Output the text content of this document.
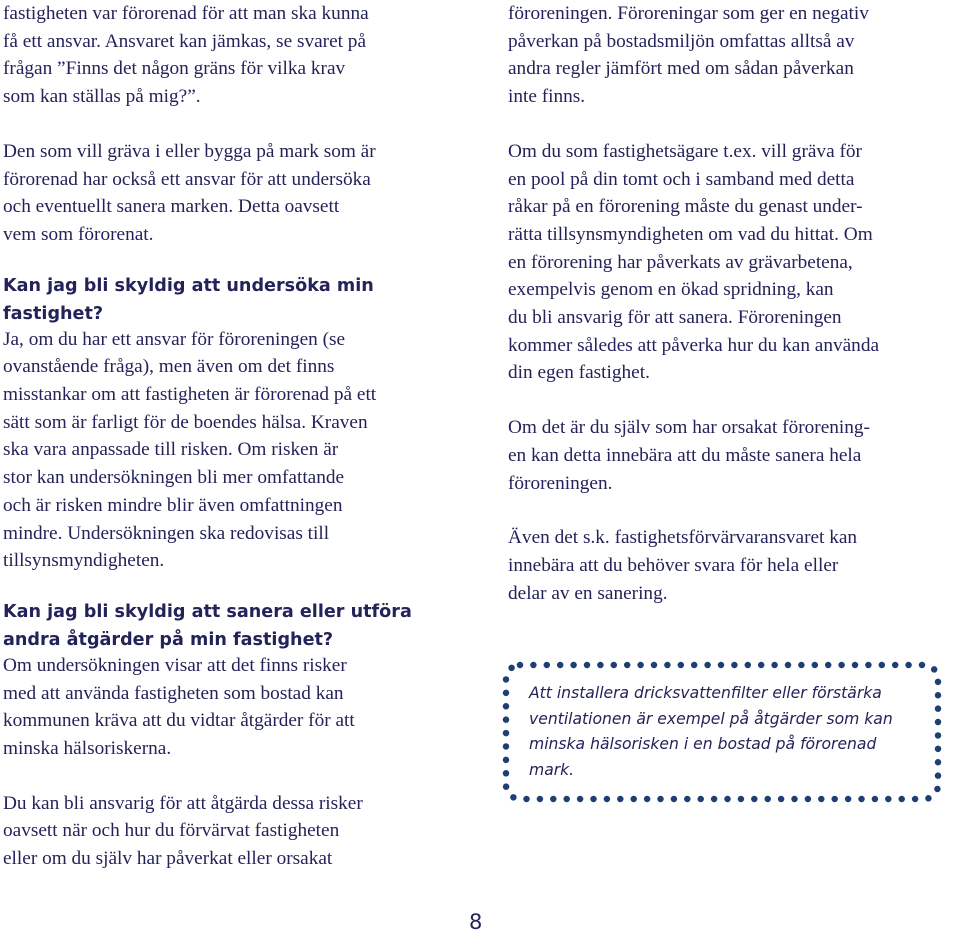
fastigheten var förorenad för att man ska kunna
få ett ansvar. Ansvaret kan jämkas, se svaret på
frågan ”Finns det någon gräns för vilka krav
som kan ställas på mig?”.

Den som vill gräva i eller bygga på mark som är
förorenad har också ett ansvar för att undersöka
och eventuellt sanera marken. Detta oavsett
vem som förorenat.

Kan jag bli skyldig att undersöka min
fastighet?

Ja, om du har ett ansvar för föroreningen (se
ovanstående fråga), men även om det finns
misstankar om att fastigheten är förorenad på ett
sätt som är farligt för de boendes hälsa. Kraven
ska vara anpassade till risken. Om risken är
stor kan undersökningen bli mer omfattande
och är risken mindre blir även omfattningen
mindre. Undersökningen ska redovisas till
tillsynsmyndigheten.

Kan jag bli skyldig att sanera eller utföra
andra åtgärder på min fastighet?

Om undersökningen visar att det finns risker
med att använda fastigheten som bostad kan
kommunen kräva att du vidtar åtgärder för att
minska hälsoriskerna.

Du kan bli ansvarig för att åtgärda dessa risker
oavsett när och hur du förvärvat fastigheten
eller om du själv har påverkat eller orsakat

föroreningen. Föroreningar som ger en negativ
påverkan på bostadsmiljön omfattas alltså av
andra regler jämfört med om sådan påverkan
inte finns.

Om du som fastighetsägare t.ex. vill gräva för
en pool på din tomt och i samband med detta
råkar på en förorening måste du genast under-
rätta tillsynsmyndigheten om vad du hittat. Om
en förorening har påverkats av grävarbetena,
exempelvis genom en ökad spridning, kan
du bli ansvarig för att sanera. Föroreningen
kommer således att påverka hur du kan använda
din egen fastighet.

Om det är du själv som har orsakat förorening-
en kan detta innebära att du måste sanera hela
föroreningen.

Även det s.k. fastighetsförvärvaransvaret kan
innebära att du behöver svara för hela eller
delar av en sanering.

Att installera dricksvattenfilter eller förstärka
ventilationen är exempel på åtgärder som kan
minska hälsorisken i en bostad på förorenad
mark.
8
